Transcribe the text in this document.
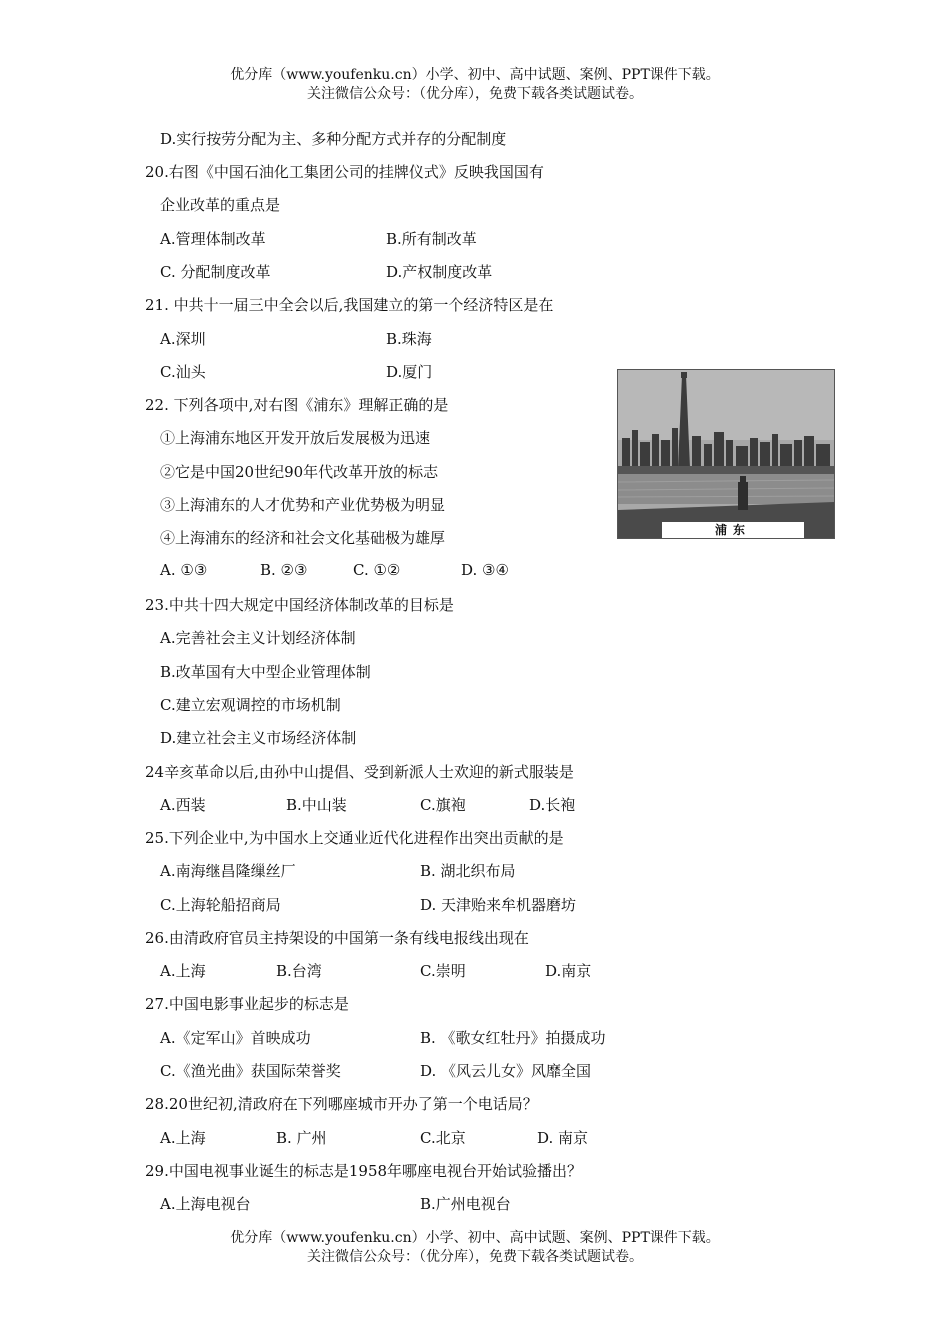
优分库（www.youfenku.cn）小学、初中、高中试题、案例、PPT课件下载。
关注微信公众号：（优分库），免费下载各类试题试卷。
D.实行按劳分配为主、多种分配方式并存的分配制度
20.右图《中国石油化工集团公司的挂牌仪式》反映我国国有
企业改革的重点是
A.管理体制改革	B.所有制改革
C. 分配制度改革	D.产权制度改革
21. 中共十一届三中全会以后,我国建立的第一个经济特区是在
A.深圳	B.珠海
C.汕头	D.厦门
浦东
22. 下列各项中,对右图《浦东》理解正确的是
①上海浦东地区开发开放后发展极为迅速
②它是中国20世纪90年代改革开放的标志
③上海浦东的人才优势和产业优势极为明显
④上海浦东的经济和社会文化基础极为雄厚
A. ①③	B. ②③	C. ①②	D. ③④
23.中共十四大规定中国经济体制改革的目标是
A.完善社会主义计划经济体制
B.改革国有大中型企业管理体制
C.建立宏观调控的市场机制
D.建立社会主义市场经济体制
24辛亥革命以后,由孙中山提倡、受到新派人士欢迎的新式服装是
A.西装	B.中山装	C.旗袍	D.长袍
25.下列企业中,为中国水上交通业近代化进程作出突出贡献的是
A.南海继昌隆缫丝厂	B. 湖北织布局
C.上海轮船招商局	D. 天津贻来牟机器磨坊
26.由清政府官员主持架设的中国第一条有线电报线出现在
A.上海	B.台湾	C.崇明	D.南京
27.中国电影事业起步的标志是
A.《定军山》首映成功	B. 《歌女红牡丹》拍摄成功
C.《渔光曲》获国际荣誉奖	D. 《风云儿女》风靡全国
28.20世纪初,清政府在下列哪座城市开办了第一个电话局？
A.上海	B. 广州	C.北京	D. 南京
29.中国电视事业诞生的标志是1958年哪座电视台开始试验播出？
A.上海电视台	B.广州电视台
优分库（www.youfenku.cn）小学、初中、高中试题、案例、PPT课件下载。
关注微信公众号：（优分库），免费下载各类试题试卷。
